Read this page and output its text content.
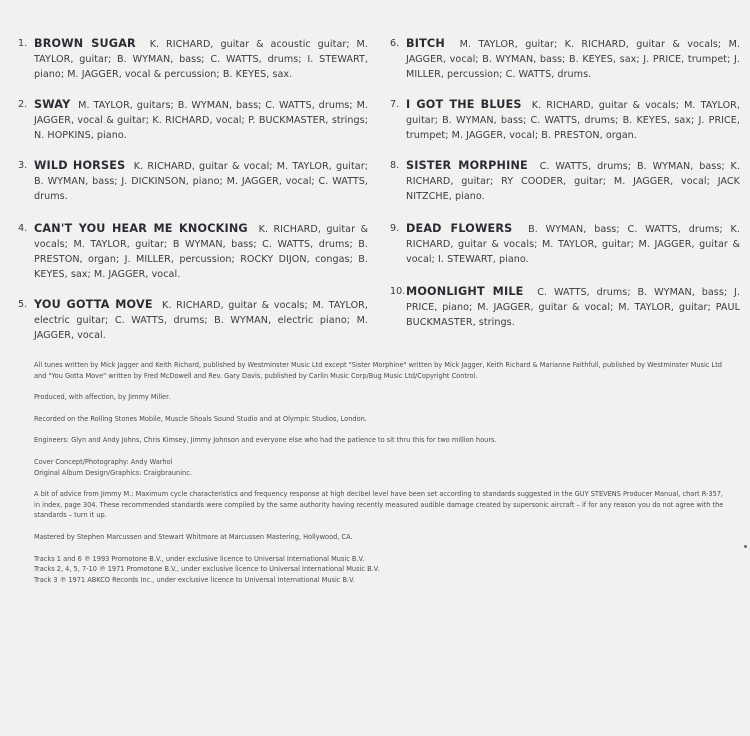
1. BROWN SUGAR K. RICHARD, guitar & acoustic guitar; M. TAYLOR, guitar; B. WYMAN, bass; C. WATTS, drums; I. STEWART, piano; M. JAGGER, vocal & percussion; B. KEYES, sax.
2. SWAY M. TAYLOR, guitars; B. WYMAN, bass; C. WATTS, drums; M. JAGGER, vocal & guitar; K. RICHARD, vocal; P. BUCKMASTER, strings; N. HOPKINS, piano.
3. WILD HORSES K. RICHARD, guitar & vocal; M. TAYLOR, guitar; B. WYMAN, bass; J. DICKINSON, piano; M. JAGGER, vocal; C. WATTS, drums.
4. CAN'T YOU HEAR ME KNOCKING K. RICHARD, guitar & vocals; M. TAYLOR, guitar; B WYMAN, bass; C. WATTS, drums; B. PRESTON, organ; J. MILLER, percussion; ROCKY DIJON, congas; B. KEYES, sax; M. JAGGER, vocal.
5. YOU GOTTA MOVE K. RICHARD, guitar & vocals; M. TAYLOR, electric guitar; C. WATTS, drums; B. WYMAN, electric piano; M. JAGGER, vocal.
6. BITCH M. TAYLOR, guitar; K. RICHARD, guitar & vocals; M. JAGGER, vocal; B. WYMAN, bass; B. KEYES, sax; J. PRICE, trumpet; J. MILLER, percussion; C. WATTS, drums.
7. I GOT THE BLUES K. RICHARD, guitar & vocals; M. TAYLOR, guitar; B. WYMAN, bass; C. WATTS, drums; B. KEYES, sax; J. PRICE, trumpet; M. JAGGER, vocal; B. PRESTON, organ.
8. SISTER MORPHINE C. WATTS, drums; B. WYMAN, bass; K. RICHARD, guitar; RY COODER, guitar; M. JAGGER, vocal; JACK NITZCHE, piano.
9. DEAD FLOWERS B. WYMAN, bass; C. WATTS, drums; K. RICHARD, guitar & vocals; M. TAYLOR, guitar; M. JAGGER, guitar & vocal; I. STEWART, piano.
10. MOONLIGHT MILE C. WATTS, drums; B. WYMAN, bass; J. PRICE, piano; M. JAGGER, guitar & vocal; M. TAYLOR, guitar; PAUL BUCKMASTER, strings.

All tunes written by Mick Jagger and Keith Richard, published by Westminster Music Ltd except "Sister Morphine" written by Mick Jagger, Keith Richard & Marianne Faithfull, published by Westminster Music Ltd and "You Gotta Move" written by Fred McDowell and Rev. Gary Davis, published by Carlin Music Corp/Bug Music Ltd/Copyright Control.

Produced, with affection, by Jimmy Miller.

Recorded on the Rolling Stones Mobile, Muscle Shoals Sound Studio and at Olympic Studios, London.

Engineers: Glyn and Andy Johns, Chris Kimsey, Jimmy Johnson and everyone else who had the patience to sit thru this for two million hours.

Cover Concept/Photography: Andy Warhol

Original Album Design/Graphics: Craigbrauninc.

A bit of advice from Jimmy M.: Maximum cycle characteristics and frequency response at high decibel level have been set according to standards suggested in the GUY STEVENS Producer Manual, chart R-357, in index, page 304. These recommended standards were compiled by the same authority having recently measured audible damage created by supersonic aircraft – if for any reason you do not agree with the standards – turn it up.

Mastered by Stephen Marcussen and Stewart Whitmore at Marcussen Mastering, Hollywood, CA.

Tracks 1 and 6 ℗ 1993 Promotone B.V., under exclusive licence to Universal International Music B.V.

Tracks 2, 4, 5, 7-10 ℗ 1971 Promotone B.V., under exclusive licence to Universal International Music B.V.

Track 3 ℗ 1971 ABKCO Records Inc., under exclusive licence to Universal International Music B.V.
